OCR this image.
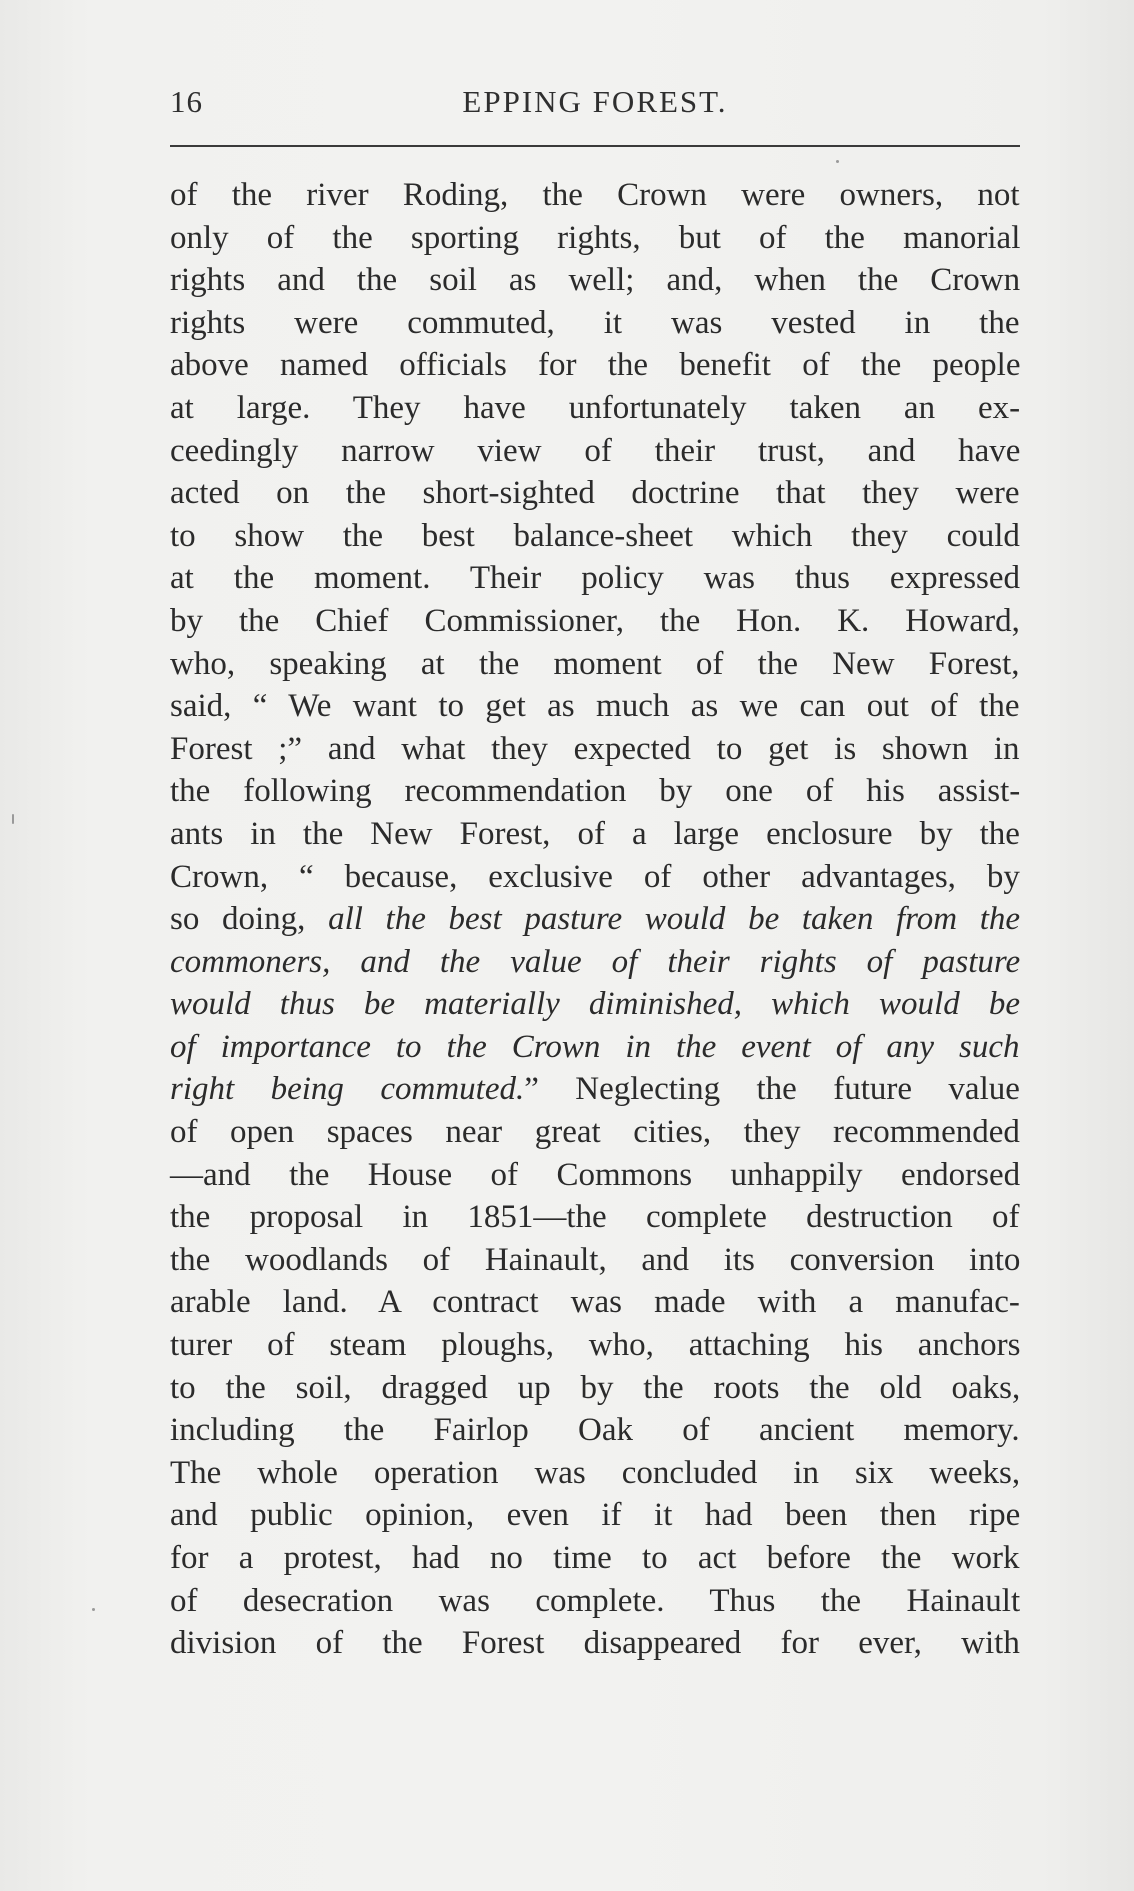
16	EPPING FOREST.
of the river Roding, the Crown were owners, not
only of the sporting rights, but of the manorial
rights and the soil as well; and, when the Crown
rights were commuted, it was vested in the
above named officials for the benefit of the people
at large. They have unfortunately taken an ex-
ceedingly narrow view of their trust, and have
acted on the short-sighted doctrine that they were
to show the best balance-sheet which they could
at the moment. Their policy was thus expressed
by the Chief Commissioner, the Hon. K. Howard,
who, speaking at the moment of the New Forest,
said, “ We want to get as much as we can out of the
Forest ;” and what they expected to get is shown in
the following recommendation by one of his assist-
ants in the New Forest, of a large enclosure by the
Crown, “ because, exclusive of other advantages, by
so doing, all the best pasture would be taken from the
commoners, and the value of their rights of pasture
would thus be materially diminished, which would be
of importance to the Crown in the event of any such
right being commuted.” Neglecting the future value
of open spaces near great cities, they recommended
—and the House of Commons unhappily endorsed
the proposal in 1851—the complete destruction of
the woodlands of Hainault, and its conversion into
arable land. A contract was made with a manufac-
turer of steam ploughs, who, attaching his anchors
to the soil, dragged up by the roots the old oaks,
including the Fairlop Oak of ancient memory.
The whole operation was concluded in six weeks,
and public opinion, even if it had been then ripe
for a protest, had no time to act before the work
of desecration was complete. Thus the Hainault
division of the Forest disappeared for ever, with
